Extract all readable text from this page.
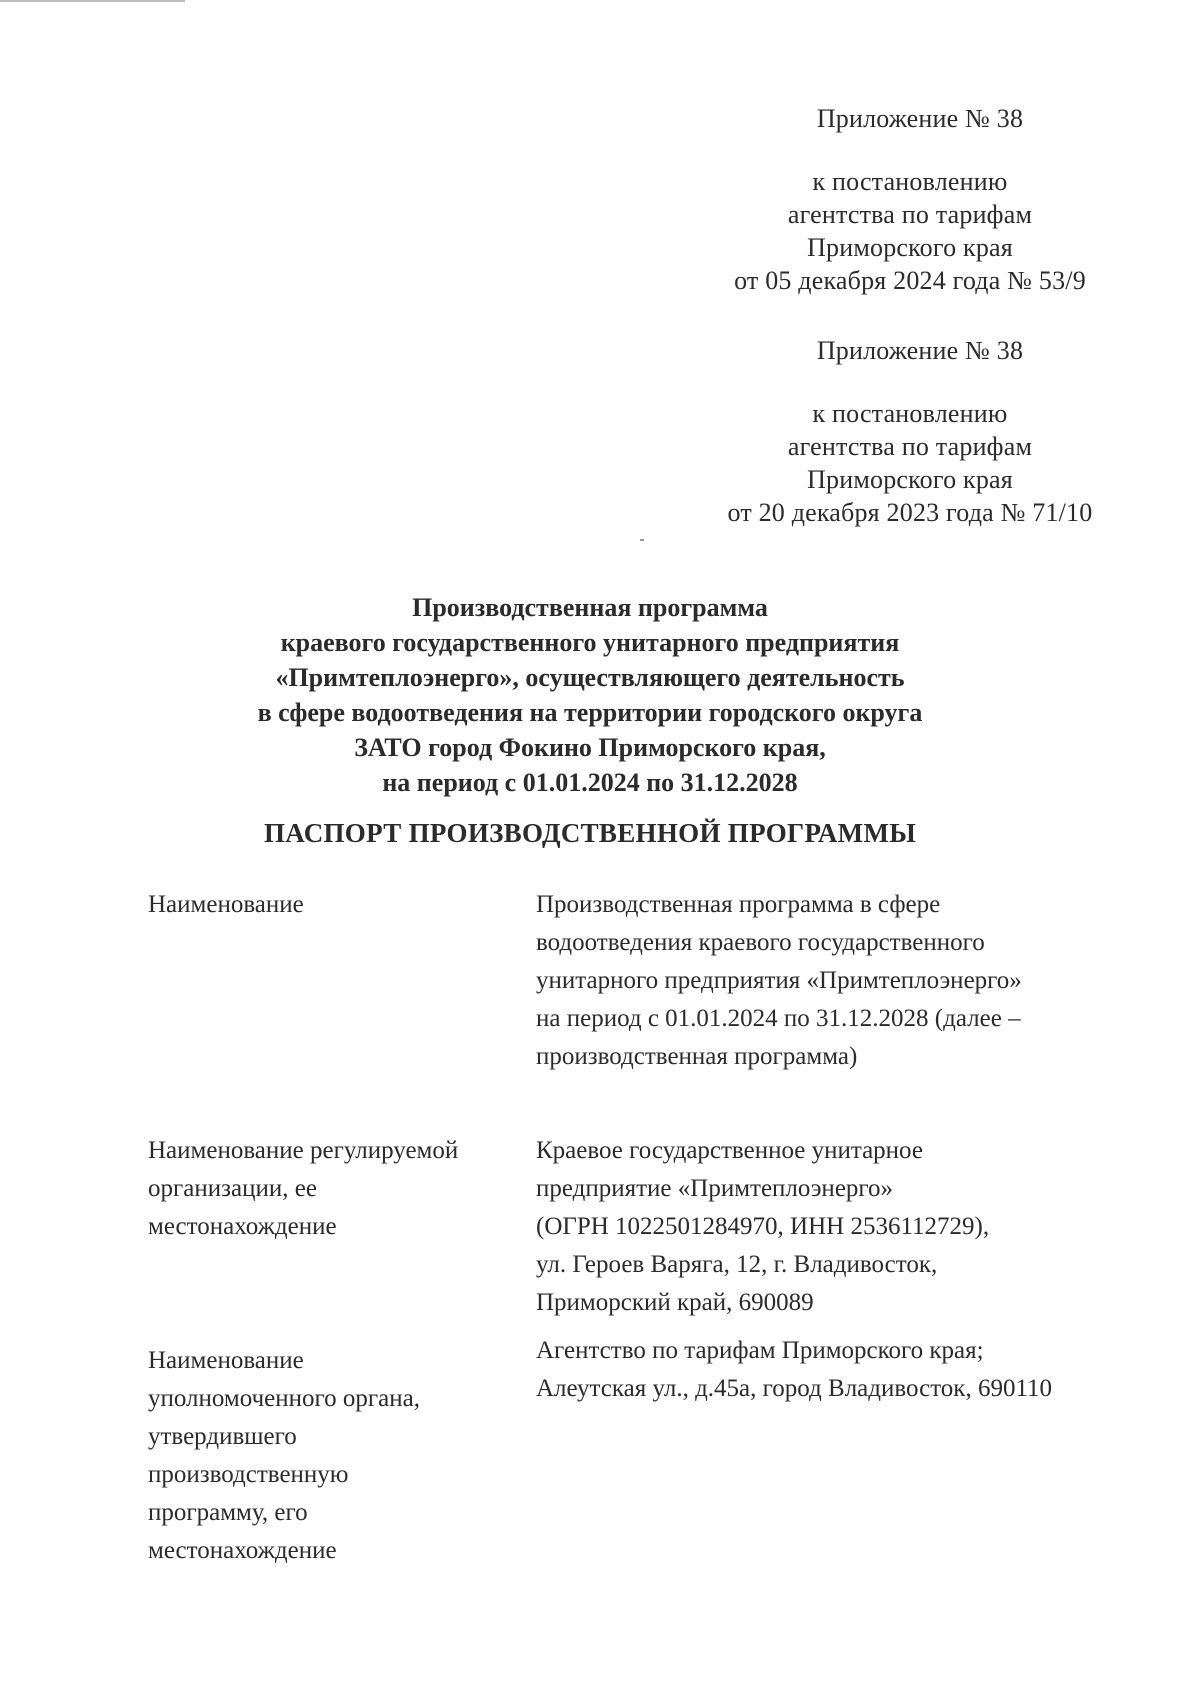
Приложение № 38
к постановлению
агентства по тарифам
Приморского края
от 05 декабря 2024 года № 53/9
Приложение № 38
к постановлению
агентства по тарифам
Приморского края
от 20 декабря 2023 года № 71/10
Производственная программа
краевого государственного унитарного предприятия
«Примтеплоэнерго», осуществляющего деятельность
в сфере водоотведения на территории городского округа
ЗАТО город Фокино Приморского края,
на период с 01.01.2024 по 31.12.2028
ПАСПОРТ ПРОИЗВОДСТВЕННОЙ ПРОГРАММЫ
Наименование	Производственная программа в сфере
водоотведения краевого государственного
унитарного предприятия «Примтеплоэнерго»
на период с 01.01.2024 по 31.12.2028 (далее –
производственная программа)
Наименование регулируемой
организации, ее
местонахождение
Краевое государственное унитарное
предприятие «Примтеплоэнерго»
(ОГРН 1022501284970, ИНН 2536112729),
ул. Героев Варяга, 12, г. Владивосток,
Приморский край, 690089
Наименование
уполномоченного органа,
утвердившего
производственную
программу, его
местонахождение
Агентство по тарифам Приморского края;
Алеутская ул., д.45а, город Владивосток, 690110
